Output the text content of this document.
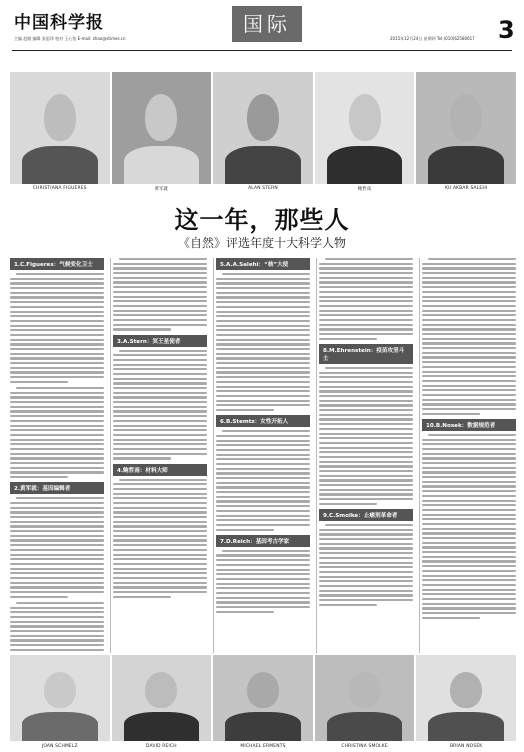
中国科学报
主编 赵路 编辑 张思玮 校对 王心怡 E-mail: zhao@stimes.cn
国际
2015年12月24日 星期四 Tel:(010)62580617 3
CHRISTIANA FIGUERES	黄军就	ALAN STERN	鲍哲南	KU AKBAR SALEHI
这一年，那些人
《自然》评选年度十大科学人物
1.C.Figueres：气候变化卫士
2.黄军就：基因编辑者
3.A.Stern：冥王星使者
4.鲍哲南：材料大师
5.A.A.Salehi：“核”大使
6.B.Stemtz：女性开拓人
7.D.Reich：基因考古学家
8.M.Ehrenstein：疫苗攻坚斗士
9.C.Smolke：止痛剂革命者
10.B.Nosek：数据规范者
JOAN SCHMELZ	DAVID REICH	MICHAEL ERMENTS	CHRISTINA SMOLKE	BRIAN NOSEK
